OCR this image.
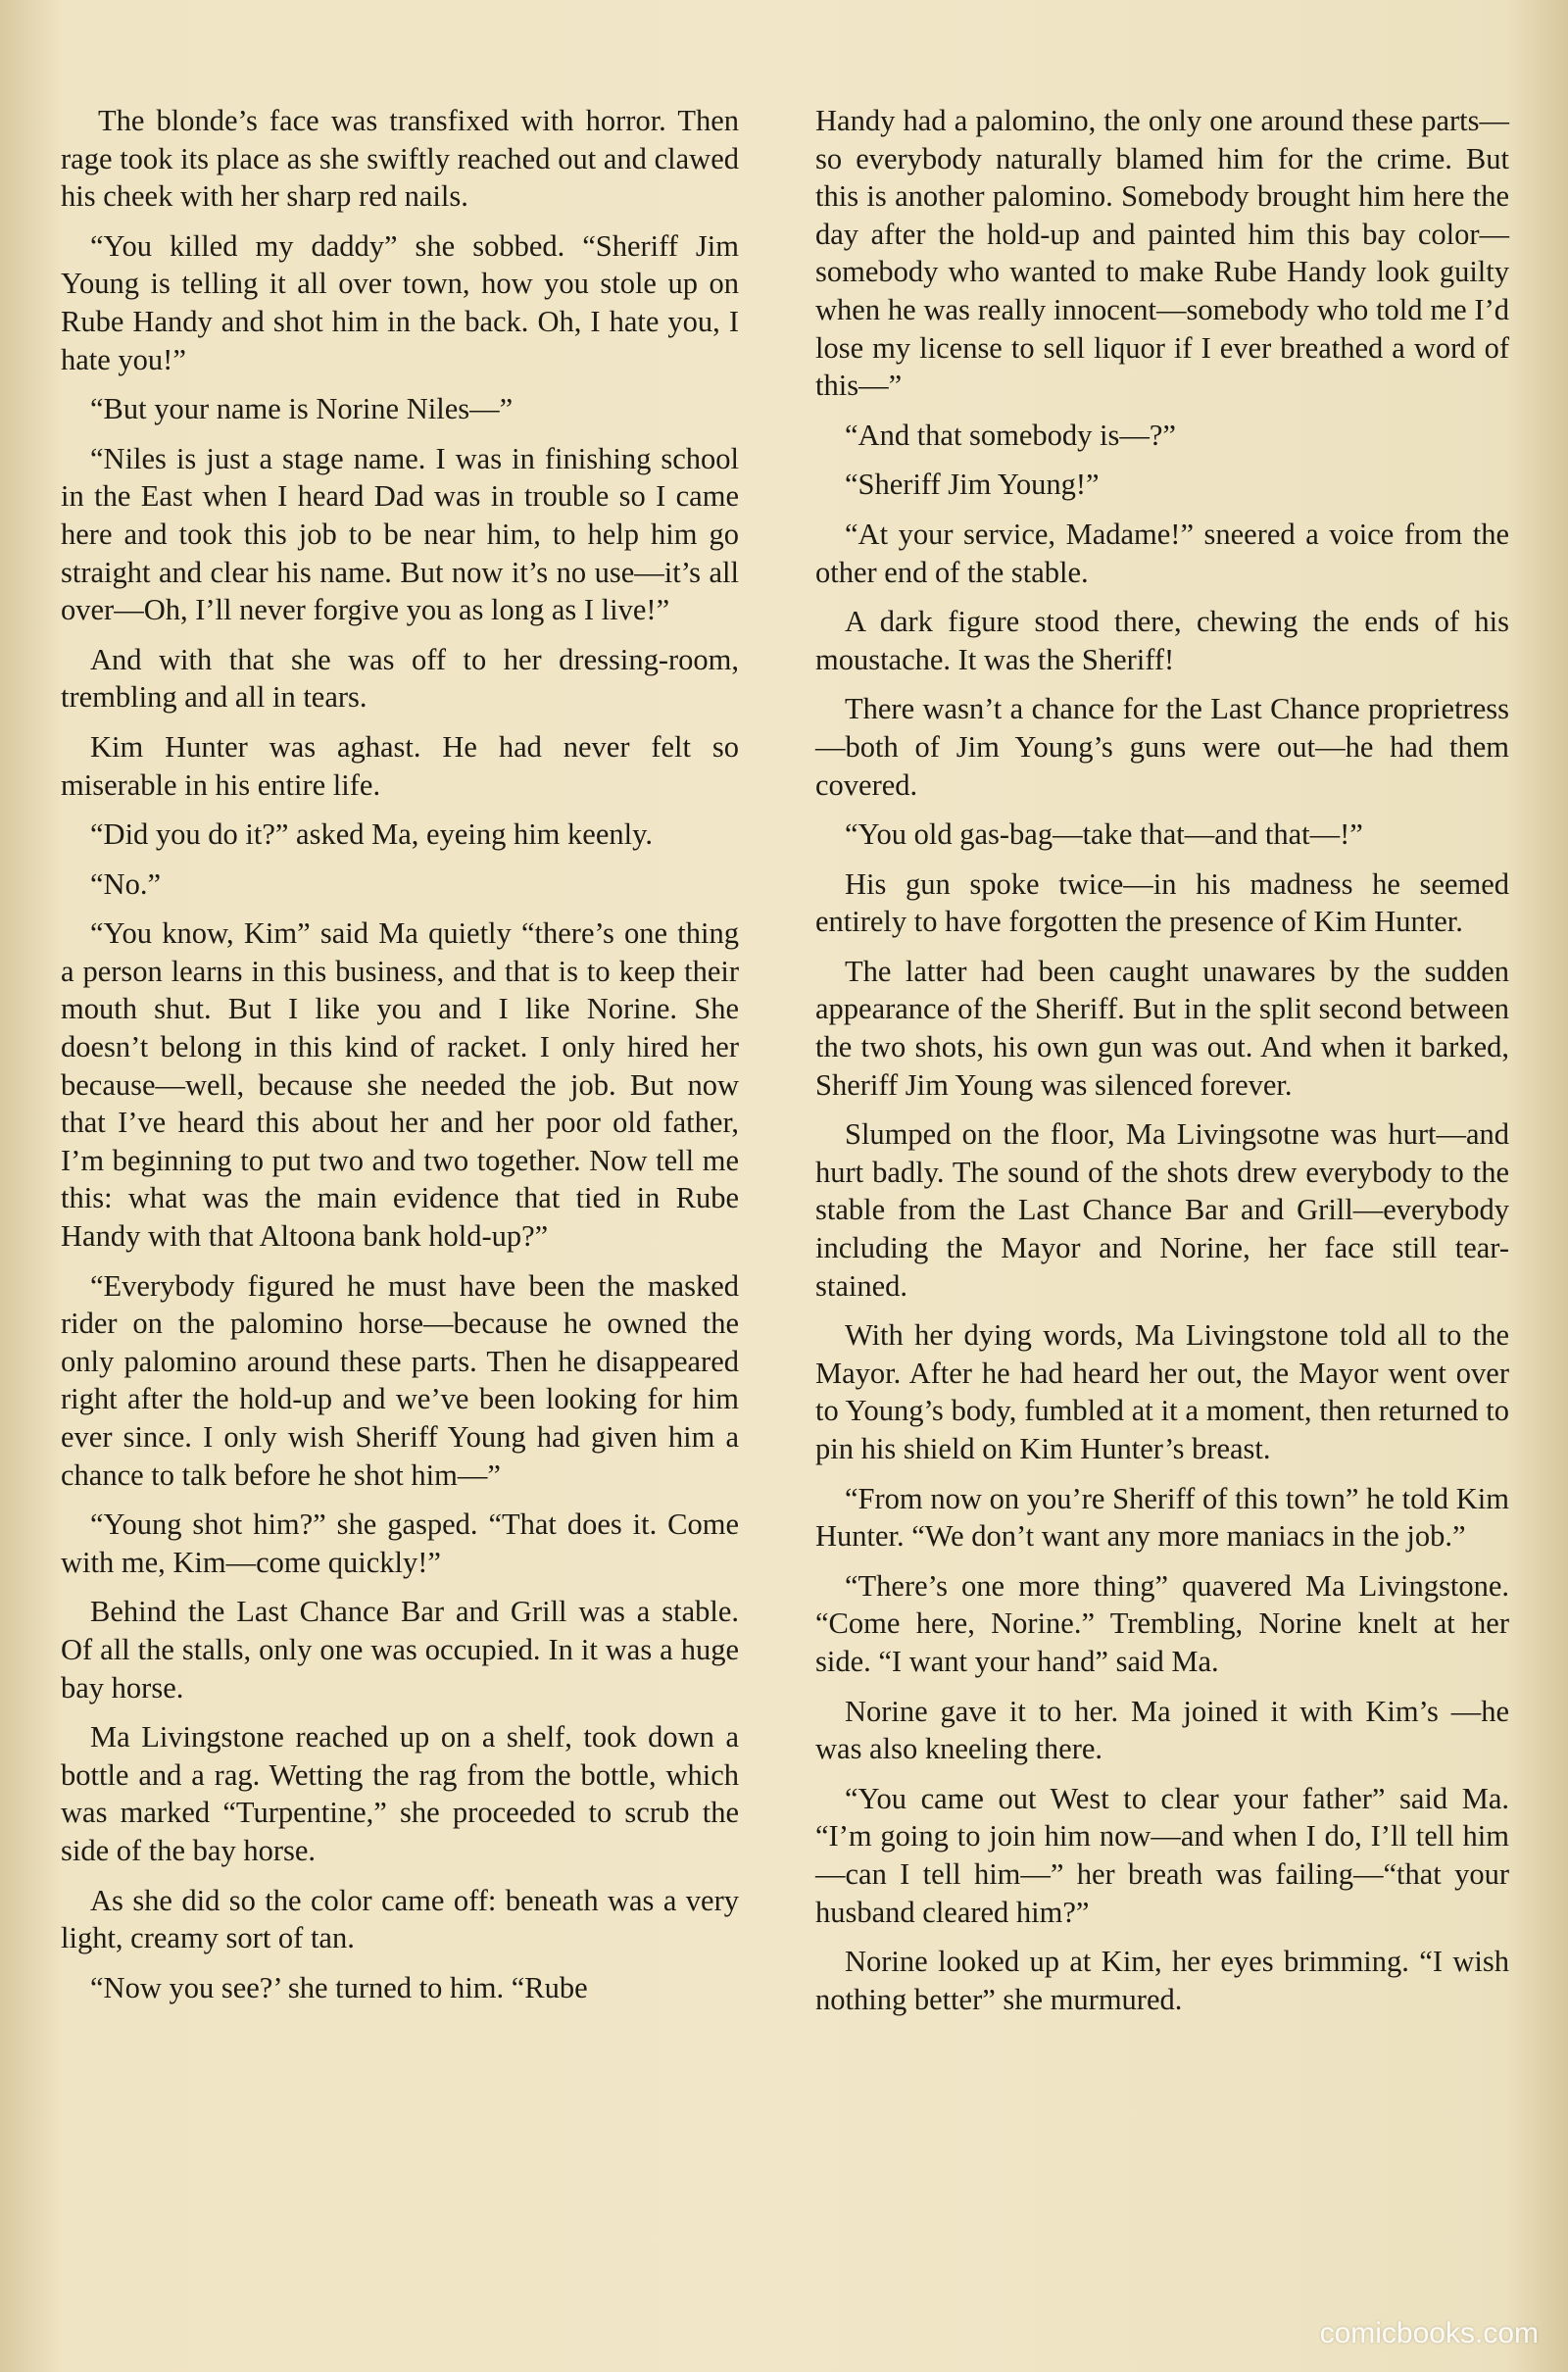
The blonde’s face was transfixed with horror. Then rage took its place as she swiftly reached out and clawed his cheek with her sharp red nails.

“You killed my daddy” she sobbed. “Sheriff Jim Young is telling it all over town, how you stole up on Rube Handy and shot him in the back. Oh, I hate you, I hate you!”

“But your name is Norine Niles—”

“Niles is just a stage name. I was in finishing school in the East when I heard Dad was in trouble so I came here and took this job to be near him, to help him go straight and clear his name. But now it’s no use—it’s all over—Oh, I’ll never forgive you as long as I live!”

And with that she was off to her dressing-room, trembling and all in tears.

Kim Hunter was aghast. He had never felt so miserable in his entire life.

“Did you do it?” asked Ma, eyeing him keenly.

“No.”

“You know, Kim” said Ma quietly “there’s one thing a person learns in this business, and that is to keep their mouth shut. But I like you and I like Norine. She doesn’t belong in this kind of racket. I only hired her because—well, because she needed the job. But now that I’ve heard this about her and her poor old father, I’m beginning to put two and two together. Now tell me this: what was the main evidence that tied in Rube Handy with that Altoona bank hold-up?”

“Everybody figured he must have been the masked rider on the palomino horse—because he owned the only palomino around these parts. Then he disappeared right after the hold-up and we’ve been looking for him ever since. I only wish Sheriff Young had given him a chance to talk before he shot him—”

“Young shot him?” she gasped. “That does it. Come with me, Kim—come quickly!”

Behind the Last Chance Bar and Grill was a stable. Of all the stalls, only one was occupied. In it was a huge bay horse.

Ma Livingstone reached up on a shelf, took down a bottle and a rag. Wetting the rag from the bottle, which was marked “Turpentine,” she proceeded to scrub the side of the bay horse.

As she did so the color came off: beneath was a very light, creamy sort of tan.

“Now you see?’ she turned to him. “Rube

Handy had a palomino, the only one around these parts—so everybody naturally blamed him for the crime. But this is another palomino. Somebody brought him here the day after the hold-up and painted him this bay color—somebody who wanted to make Rube Handy look guilty when he was really innocent—somebody who told me I’d lose my license to sell liquor if I ever breathed a word of this—”

“And that somebody is—?”

“Sheriff Jim Young!”

“At your service, Madame!” sneered a voice from the other end of the stable.

A dark figure stood there, chewing the ends of his moustache. It was the Sheriff!

There wasn’t a chance for the Last Chance proprietress—both of Jim Young’s guns were out—he had them covered.

“You old gas-bag—take that—and that—!”

His gun spoke twice—in his madness he seemed entirely to have forgotten the presence of Kim Hunter.

The latter had been caught unawares by the sudden appearance of the Sheriff. But in the split second between the two shots, his own gun was out. And when it barked, Sheriff Jim Young was silenced forever.

Slumped on the floor, Ma Livingsotne was hurt—and hurt badly. The sound of the shots drew everybody to the stable from the Last Chance Bar and Grill—everybody including the Mayor and Norine, her face still tear-stained.

With her dying words, Ma Livingstone told all to the Mayor. After he had heard her out, the Mayor went over to Young’s body, fumbled at it a moment, then returned to pin his shield on Kim Hunter’s breast.

“From now on you’re Sheriff of this town” he told Kim Hunter. “We don’t want any more maniacs in the job.”

“There’s one more thing” quavered Ma Livingstone. “Come here, Norine.” Trembling, Norine knelt at her side. “I want your hand” said Ma.

Norine gave it to her. Ma joined it with Kim’s —he was also kneeling there.

“You came out West to clear your father” said Ma. “I’m going to join him now—and when I do, I’ll tell him—can I tell him—” her breath was failing—“that your husband cleared him?”

Norine looked up at Kim, her eyes brimming. “I wish nothing better” she murmured.

comicbooks.com
